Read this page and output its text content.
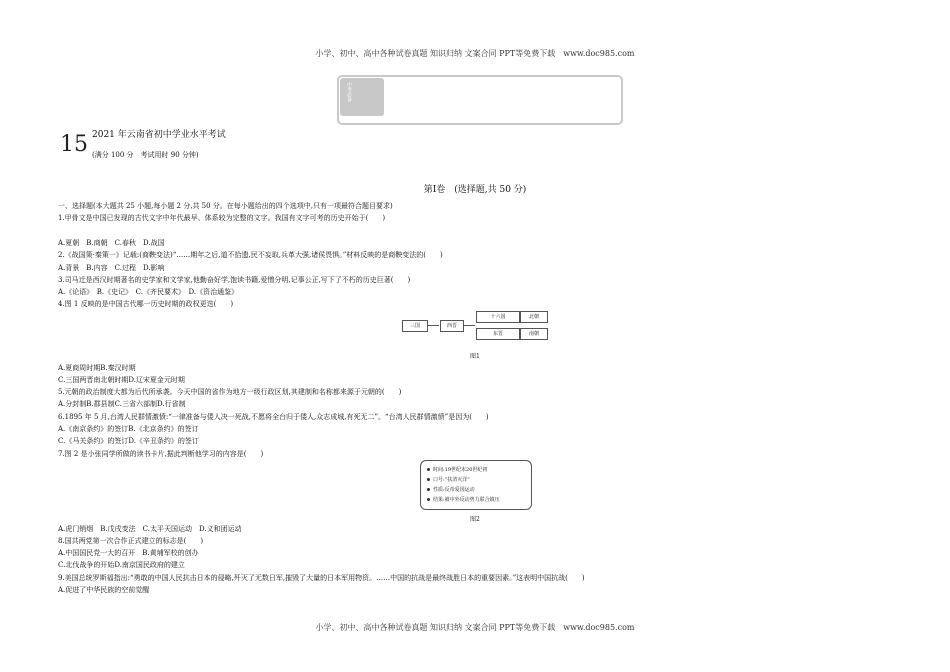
小学、初中、高中各种试卷真题 知识归纳 文案合同 PPT等免费下载　www.doc985.com
中考必备
15 2021 年云南省初中学业水平考试
(满分 100 分　考试用时 90 分钟)
第Ⅰ卷　(选择题,共 50 分)
一、选择题(本大题共 25 小题,每小题 2 分,共 50 分。在每小题给出的四个选项中,只有一项最符合题目要求)
1.甲骨文是中国已发现的古代文字中年代最早、体系较为完整的文字。我国有文字可考的历史开始于(　　)
A.夏朝　B.商朝　C.春秋　D.战国
2.《战国策·秦策一》记载:(商鞅变法)“……期年之后,道不拾遗,民不妄取,兵革大强,诸侯畏惧。”材料反映的是商鞅变法的(　　)
A.背景　B.内容　C.过程　D.影响
3.司马迁是西汉时期著名的史学家和文学家,他勤奋好学,饱读书籍,爱憎分明,记事公正,写下了不朽的历史巨著(　　)
A.《论语》　B.《史记》　C.《齐民要术》　D.《资治通鉴》
4.图 1 反映的是中国古代哪一历史时期的政权更迭(　　)
三国	西晋
十六国
东晋
北朝
南朝
图1
A.夏商周时期B.秦汉时期
C.三国两晋南北朝时期D.辽宋夏金元时期
5.元朝的政治制度大都为后代所承袭。今天中国的省作为地方一级行政区划,其建制和名称都来源于元朝的(　　)
A.分封制B.郡县制C.三省六部制D.行省制
6.1895 年 5 月,台湾人民群情激愤:“一律准备与倭人决一死战,不愿将全台归于倭人,众志成城,有死无二”。“台湾人民群情激愤”是因为(　　)
A.《南京条约》的签订B.《北京条约》的签订
C.《马关条约》的签订D.《辛丑条约》的签订
7.图 2 是小张同学所做的读书卡片,据此判断他学习的内容是(　　)
时间:19世纪末20世纪初
口号:“扶清灭洋”
性质:反帝爱国运动
结果:被中外反动势力联合镇压
图2
A.虎门销烟　B.戊戌变法　C.太平天国运动　D.义和团运动
8.国共两党第一次合作正式建立的标志是(　　)
A.中国国民党一大的召开　B.黄埔军校的创办
C.北伐战争的开始D.南京国民政府的建立
9.美国总统罗斯福指出:“勇敢的中国人民抗击日本的侵略,歼灭了无数日军,摧毁了大量的日本军用物资。……中国的抗战是最终战胜日本的重要因素。”这表明中国抗战(　　)
A.促进了中华民族的空前觉醒
小学、初中、高中各种试卷真题 知识归纳 文案合同 PPT等免费下载　www.doc985.com
